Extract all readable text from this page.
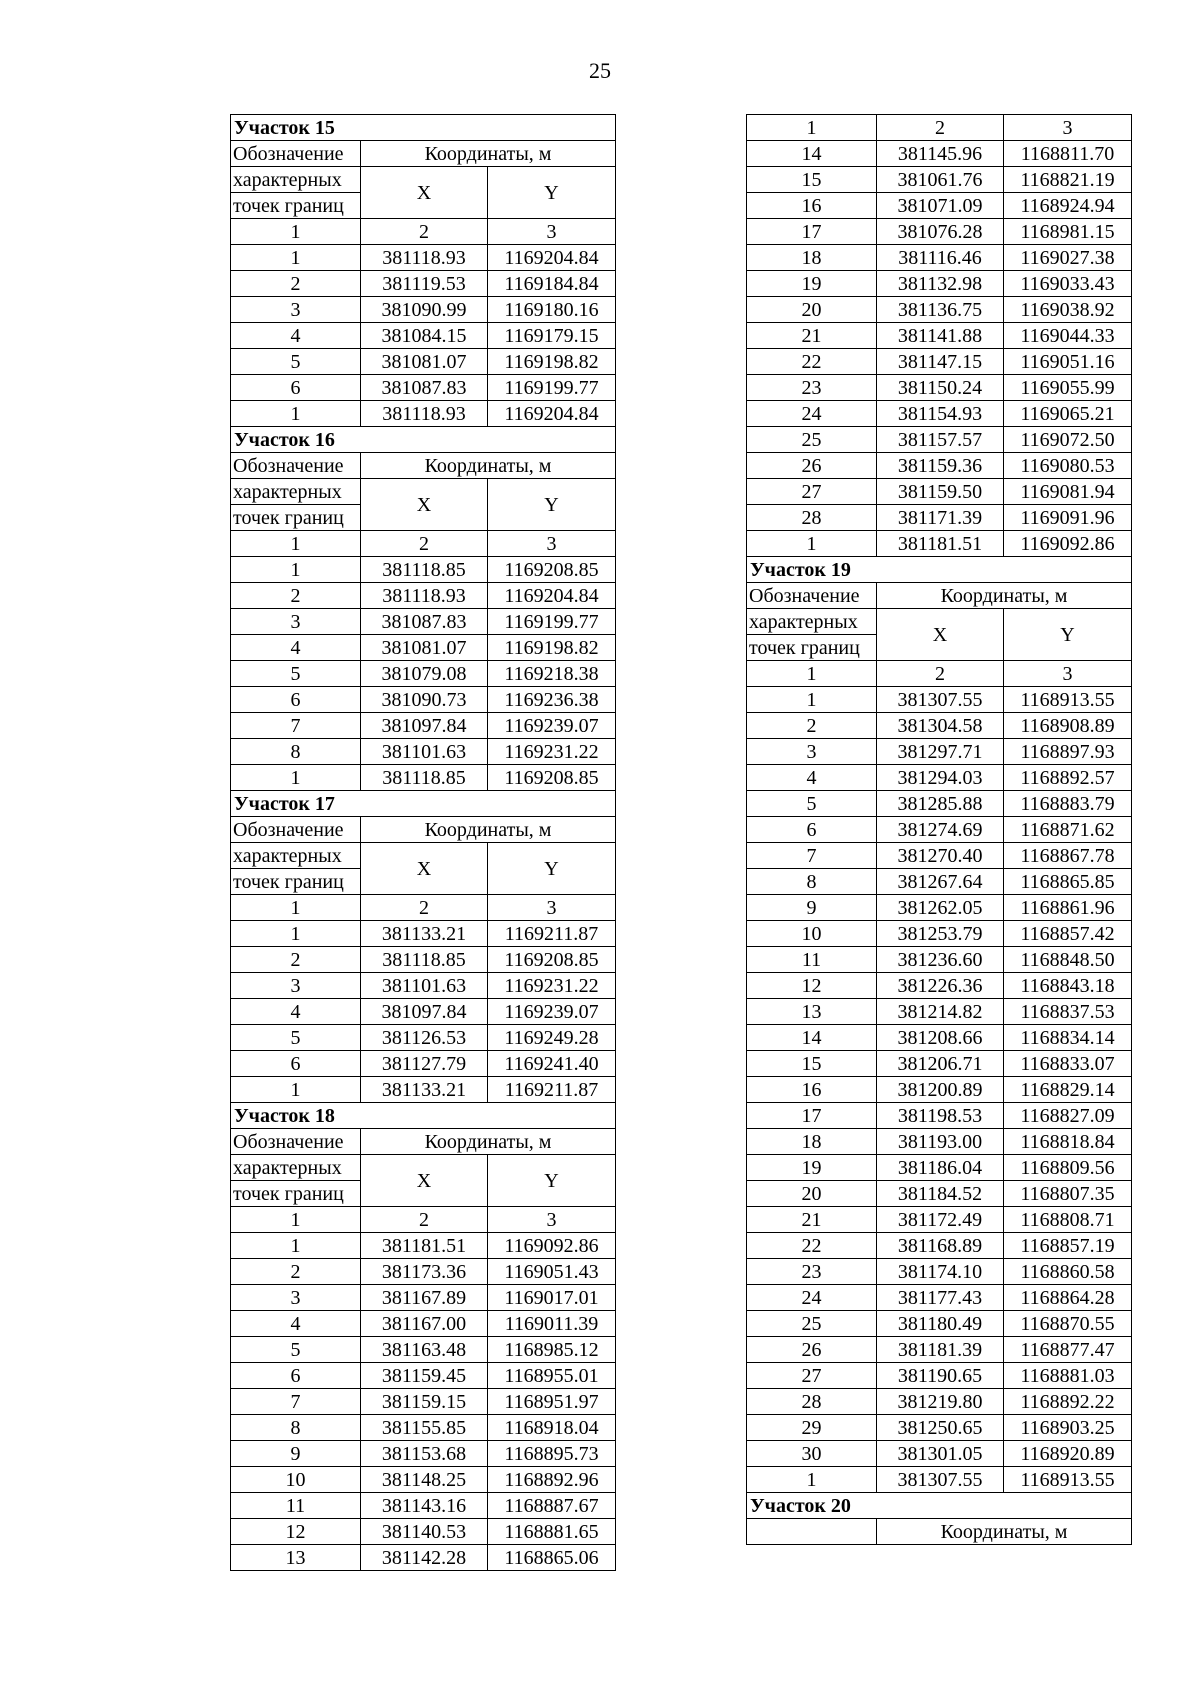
25
Участок 15		
Обозначение	Координаты, м	
характерных	X	Y
точек границ		
1	2	3
1	381118.93	1169204.84
2	381119.53	1169184.84
3	381090.99	1169180.16
4	381084.15	1169179.15
5	381081.07	1169198.82
6	381087.83	1169199.77
1	381118.93	1169204.84
Участок 16		
Обозначение	Координаты, м	
характерных	X	Y
точек границ		
1	2	3
1	381118.85	1169208.85
2	381118.93	1169204.84
3	381087.83	1169199.77
4	381081.07	1169198.82
5	381079.08	1169218.38
6	381090.73	1169236.38
7	381097.84	1169239.07
8	381101.63	1169231.22
1	381118.85	1169208.85
Участок 17		
Обозначение	Координаты, м	
характерных	X	Y
точек границ		
1	2	3
1	381133.21	1169211.87
2	381118.85	1169208.85
3	381101.63	1169231.22
4	381097.84	1169239.07
5	381126.53	1169249.28
6	381127.79	1169241.40
1	381133.21	1169211.87
Участок 18		
Обозначение	Координаты, м	
характерных	X	Y
точек границ		
1	2	3
1	381181.51	1169092.86
2	381173.36	1169051.43
3	381167.89	1169017.01
4	381167.00	1169011.39
5	381163.48	1168985.12
6	381159.45	1168955.01
7	381159.15	1168951.97
8	381155.85	1168918.04
9	381153.68	1168895.73
10	381148.25	1168892.96
11	381143.16	1168887.67
12	381140.53	1168881.65
13	381142.28	1168865.06
1	2	3
14	381145.96	1168811.70
15	381061.76	1168821.19
16	381071.09	1168924.94
17	381076.28	1168981.15
18	381116.46	1169027.38
19	381132.98	1169033.43
20	381136.75	1169038.92
21	381141.88	1169044.33
22	381147.15	1169051.16
23	381150.24	1169055.99
24	381154.93	1169065.21
25	381157.57	1169072.50
26	381159.36	1169080.53
27	381159.50	1169081.94
28	381171.39	1169091.96
1	381181.51	1169092.86
Участок 19		
Обозначение	Координаты, м	
характерных	X	Y
точек границ		
1	2	3
1	381307.55	1168913.55
2	381304.58	1168908.89
3	381297.71	1168897.93
4	381294.03	1168892.57
5	381285.88	1168883.79
6	381274.69	1168871.62
7	381270.40	1168867.78
8	381267.64	1168865.85
9	381262.05	1168861.96
10	381253.79	1168857.42
11	381236.60	1168848.50
12	381226.36	1168843.18
13	381214.82	1168837.53
14	381208.66	1168834.14
15	381206.71	1168833.07
16	381200.89	1168829.14
17	381198.53	1168827.09
18	381193.00	1168818.84
19	381186.04	1168809.56
20	381184.52	1168807.35
21	381172.49	1168808.71
22	381168.89	1168857.19
23	381174.10	1168860.58
24	381177.43	1168864.28
25	381180.49	1168870.55
26	381181.39	1168877.47
27	381190.65	1168881.03
28	381219.80	1168892.22
29	381250.65	1168903.25
30	381301.05	1168920.89
1	381307.55	1168913.55
Участок 20		
	Координаты, м	
